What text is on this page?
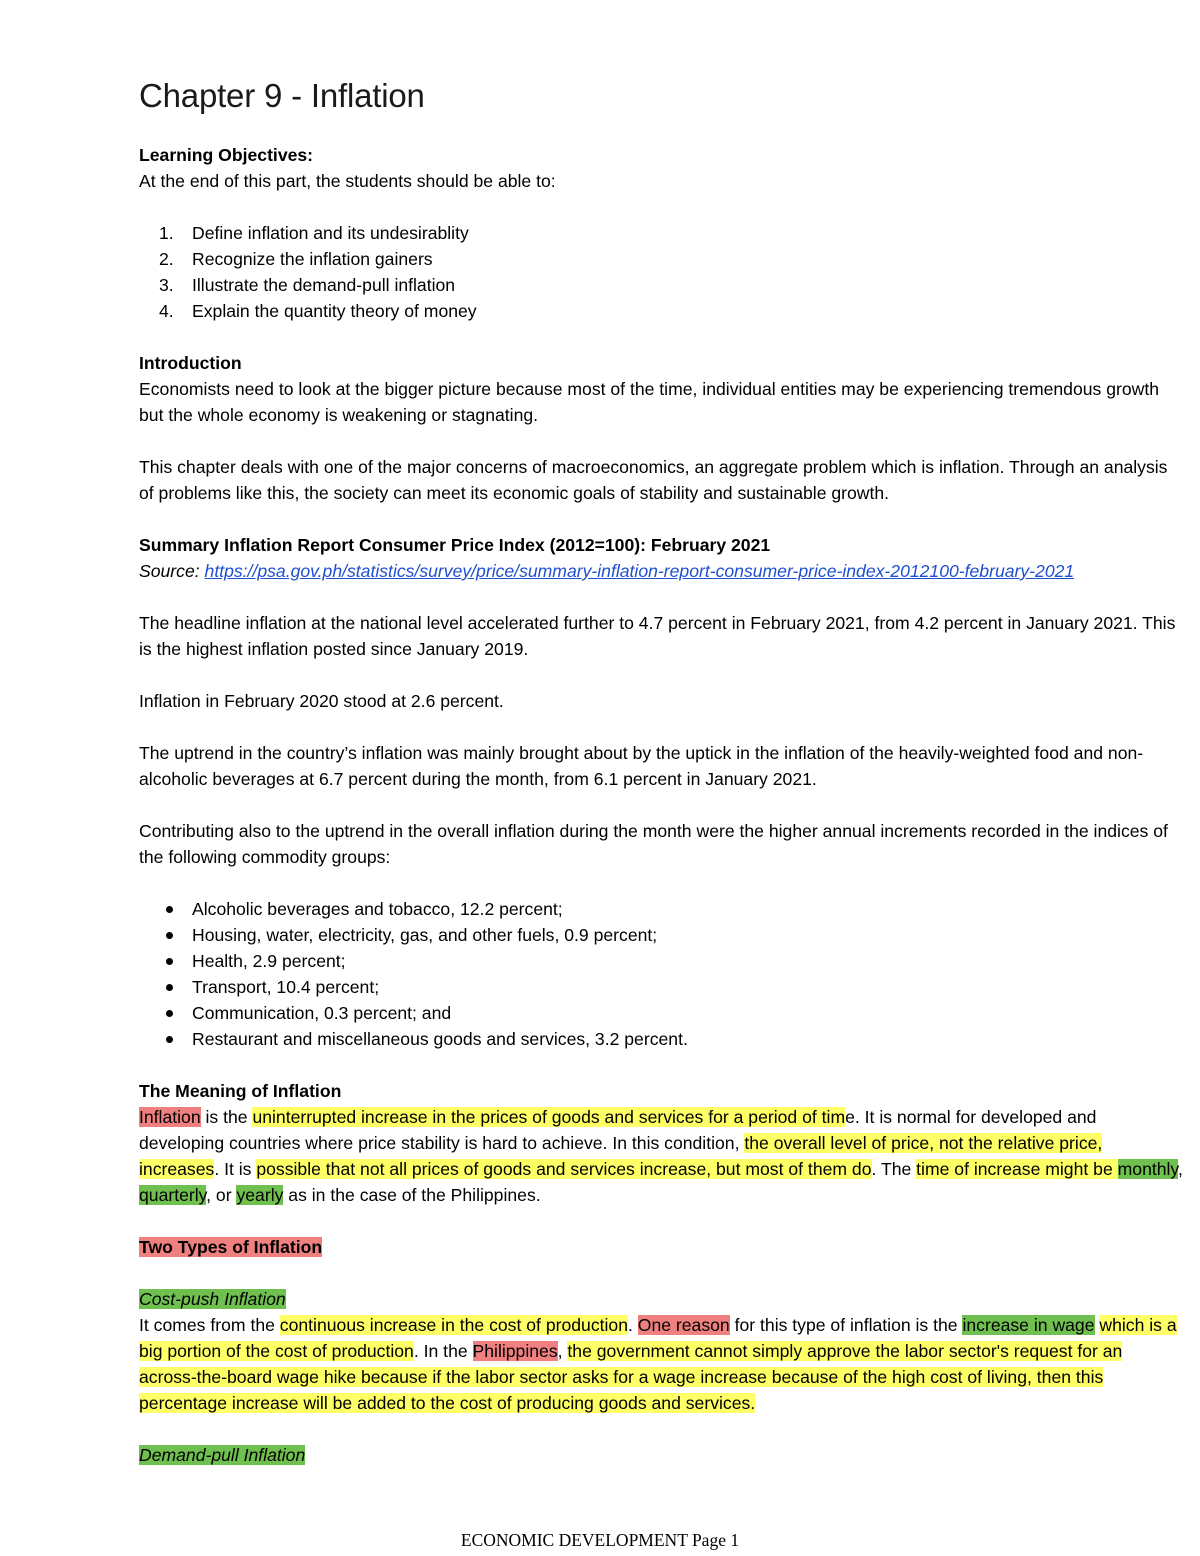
Chapter 9 - Inflation

Learning Objectives:

At the end of this part, the students should be able to:

1. Define inflation and its undesirablity
2. Recognize the inflation gainers
3. Illustrate the demand-pull inflation
4. Explain the quantity theory of money

Introduction

Economists need to look at the bigger picture because most of the time, individual entities may be experiencing tremendous growth but the whole economy is weakening or stagnating.

This chapter deals with one of the major concerns of macroeconomics, an aggregate problem which is inflation. Through an analysis of problems like this, the society can meet its economic goals of stability and sustainable growth.

Summary Inflation Report Consumer Price Index (2012=100): February 2021

Source: https://psa.gov.ph/statistics/survey/price/summary-inflation-report-consumer-price-index-2012100-february-2021

The headline inflation at the national level accelerated further to 4.7 percent in February 2021, from 4.2 percent in January 2021. This is the highest inflation posted since January 2019.

Inflation in February 2020 stood at 2.6 percent.

The uptrend in the country’s inflation was mainly brought about by the uptick in the inflation of the heavily-weighted food and non-alcoholic beverages at 6.7 percent during the month, from 6.1 percent in January 2021.

Contributing also to the uptrend in the overall inflation during the month were the higher annual increments recorded in the indices of the following commodity groups:

Alcoholic beverages and tobacco, 12.2 percent;
Housing, water, electricity, gas, and other fuels, 0.9 percent;
Health, 2.9 percent;
Transport, 10.4 percent;
Communication, 0.3 percent; and
Restaurant and miscellaneous goods and services, 3.2 percent.

The Meaning of Inflation

Inflation is the uninterrupted increase in the prices of goods and services for a period of time. It is normal for developed and developing countries where price stability is hard to achieve. In this condition, the overall level of price, not the relative price, increases. It is possible that not all prices of goods and services increase, but most of them do. The time of increase might be monthly, quarterly, or yearly as in the case of the Philippines.

Two Types of Inflation

Cost-push Inflation

It comes from the continuous increase in the cost of production. One reason for this type of inflation is the increase in wage which is a big portion of the cost of production. In the Philippines, the government cannot simply approve the labor sector's request for an across-the-board wage hike because if the labor sector asks for a wage increase because of the high cost of living, then this percentage increase will be added to the cost of producing goods and services.

Demand-pull Inflation

ECONOMIC DEVELOPMENT Page 1
